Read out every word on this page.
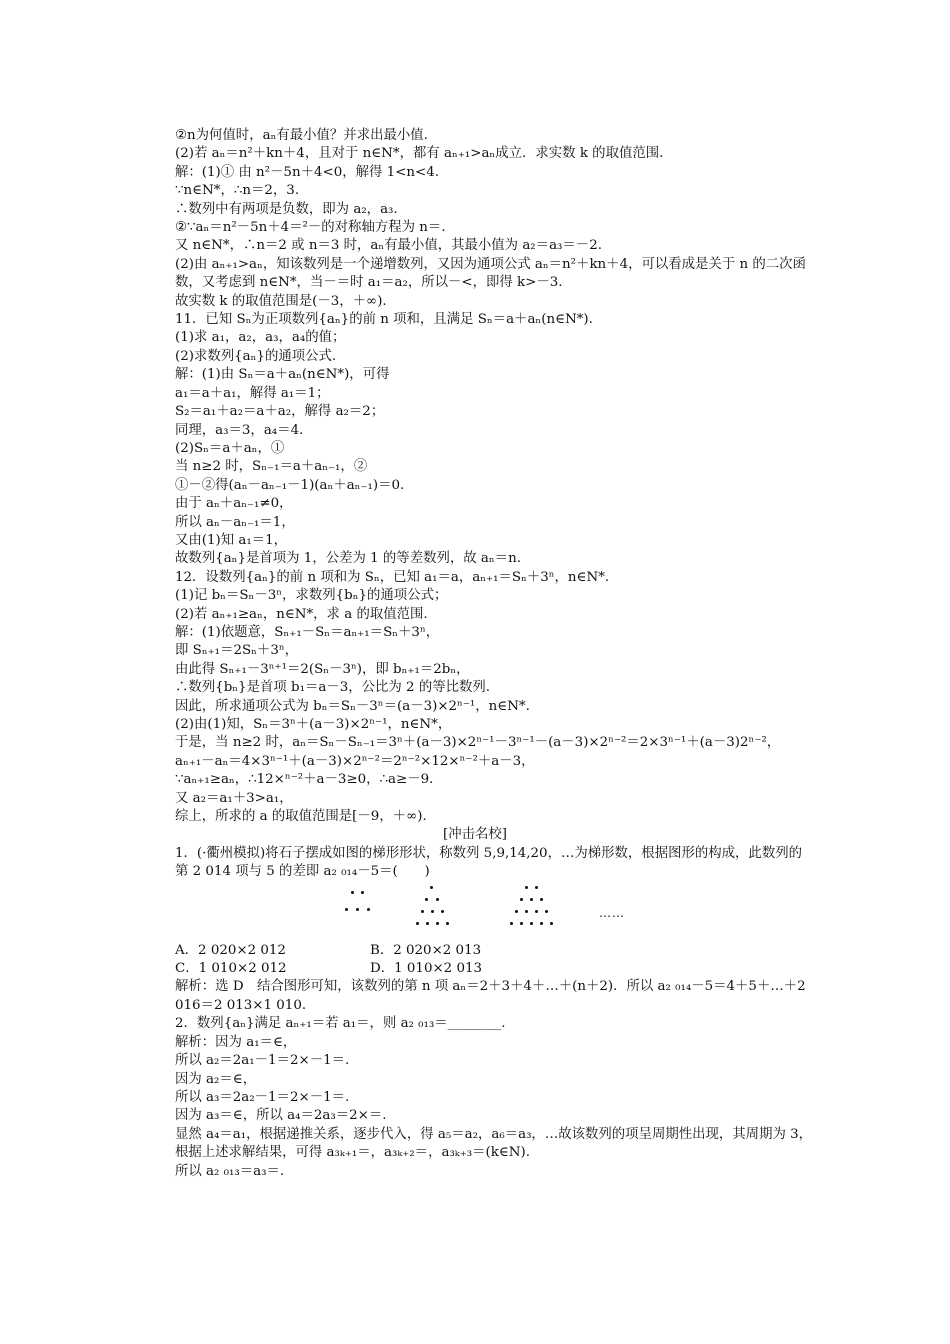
②n为何值时，aₙ有最小值？并求出最小值.

(2)若 aₙ＝n²＋kn＋4，且对于 n∈N*，都有 aₙ₊₁>aₙ成立．求实数 k 的取值范围.

解：(1)① 由 n²－5n＋4<0，解得 1<n<4.

∵n∈N*，∴n＝2，3.

∴数列中有两项是负数，即为 a₂，a₃.

②∵aₙ＝n²－5n＋4＝²－的对称轴方程为 n＝.

又 n∈N*，∴n＝2 或 n＝3 时，aₙ有最小值，其最小值为 a₂＝a₃＝－2.

(2)由 aₙ₊₁>aₙ，知该数列是一个递增数列，又因为通项公式 aₙ＝n²＋kn＋4，可以看成是关于 n 的二次函数，又考虑到 n∈N*，当－＝时 a₁＝a₂，所以－<，即得 k>－3.

故实数 k 的取值范围是(－3，＋∞).

11．已知 Sₙ为正项数列{aₙ}的前 n 项和，且满足 Sₙ＝a＋aₙ(n∈N*).

(1)求 a₁，a₂，a₃，a₄的值；

(2)求数列{aₙ}的通项公式.

解：(1)由 Sₙ＝a＋aₙ(n∈N*)，可得

a₁＝a＋a₁，解得 a₁＝1；

S₂＝a₁＋a₂＝a＋a₂，解得 a₂＝2；

同理，a₃＝3，a₄＝4.

(2)Sₙ＝a＋aₙ，①

当 n≥2 时，Sₙ₋₁＝a＋aₙ₋₁，②

①－②得(aₙ－aₙ₋₁－1)(aₙ＋aₙ₋₁)＝0.

由于 aₙ＋aₙ₋₁≠0，

所以 aₙ－aₙ₋₁＝1，

又由(1)知 a₁＝1，

故数列{aₙ}是首项为 1，公差为 1 的等差数列，故 aₙ＝n.

12．设数列{aₙ}的前 n 项和为 Sₙ，已知 a₁＝a，aₙ₊₁＝Sₙ＋3ⁿ，n∈N*.

(1)记 bₙ＝Sₙ－3ⁿ，求数列{bₙ}的通项公式；

(2)若 aₙ₊₁≥aₙ，n∈N*，求 a 的取值范围.

解：(1)依题意，Sₙ₊₁－Sₙ＝aₙ₊₁＝Sₙ＋3ⁿ，

即 Sₙ₊₁＝2Sₙ＋3ⁿ，

由此得 Sₙ₊₁－3ⁿ⁺¹＝2(Sₙ－3ⁿ)，即 bₙ₊₁＝2bₙ，

∴数列{bₙ}是首项 b₁＝a－3，公比为 2 的等比数列.

因此，所求通项公式为 bₙ＝Sₙ－3ⁿ＝(a－3)×2ⁿ⁻¹，n∈N*.

(2)由(1)知，Sₙ＝3ⁿ＋(a－3)×2ⁿ⁻¹，n∈N*，

于是，当 n≥2 时，aₙ＝Sₙ－Sₙ₋₁＝3ⁿ＋(a－3)×2ⁿ⁻¹－3ⁿ⁻¹－(a－3)×2ⁿ⁻²＝2×3ⁿ⁻¹＋(a－3)2ⁿ⁻²，

aₙ₊₁－aₙ＝4×3ⁿ⁻¹＋(a－3)×2ⁿ⁻²＝2ⁿ⁻²×12×ⁿ⁻²＋a－3，

∵aₙ₊₁≥aₙ，∴12×ⁿ⁻²＋a－3≥0，∴a≥－9.

又 a₂＝a₁＋3>a₁，

综上，所求的 a 的取值范围是[－9，＋∞).

[冲击名校]

1．(·衢州模拟)将石子摆成如图的梯形形状，称数列 5,9,14,20，…为梯形数，根据图形的构成，此数列的第 2 014 项与 5 的差即 a₂ ₀₁₄－5＝(　　)

……

A．2 020×2 012	B．2 020×2 013

C．1 010×2 012	D．1 010×2 013

解析：选 D　结合图形可知，该数列的第 n 项 aₙ＝2＋3＋4＋…＋(n＋2)．所以 a₂ ₀₁₄－5＝4＋5＋…＋2 016＝2 013×1 010.

2．数列{aₙ}满足 aₙ₊₁＝若 a₁＝，则 a₂ ₀₁₃＝________.

解析：因为 a₁＝∈，

所以 a₂＝2a₁－1＝2×－1＝.

因为 a₂＝∈，

所以 a₃＝2a₂－1＝2×－1＝.

因为 a₃＝∈，所以 a₄＝2a₃＝2×＝.

显然 a₄＝a₁，根据递推关系，逐步代入，得 a₅＝a₂，a₆＝a₃，…故该数列的项呈周期性出现，其周期为 3，根据上述求解结果，可得 a₃ₖ₊₁＝，a₃ₖ₊₂＝，a₃ₖ₊₃＝(k∈N).

所以 a₂ ₀₁₃＝a₃＝.
